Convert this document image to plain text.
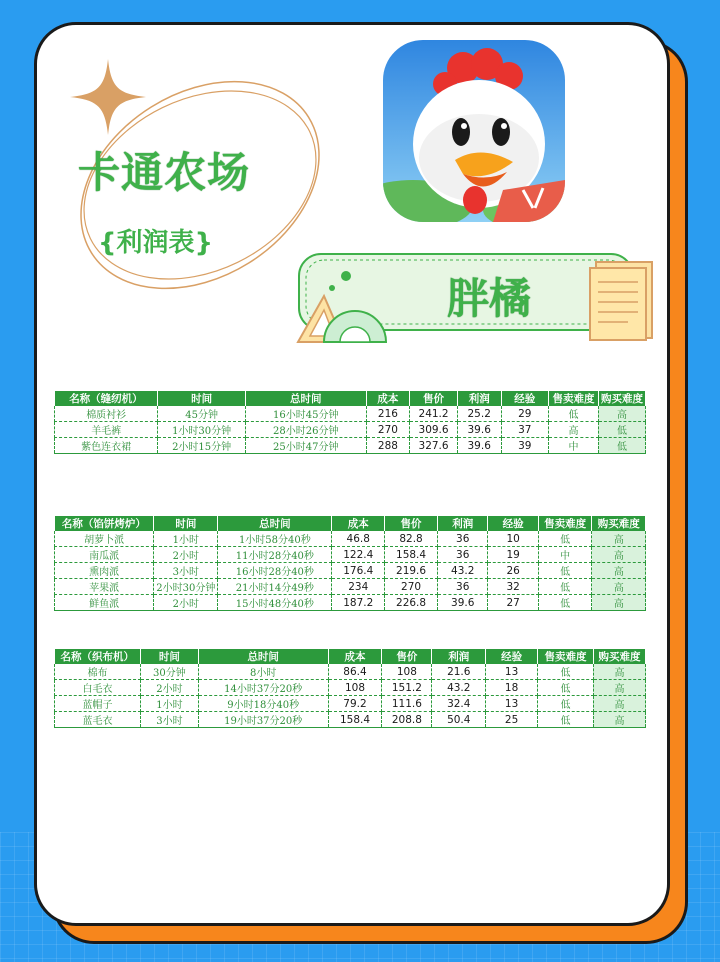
卡通农场
{利润表}
胖橘
名称（缝纫机）	时间	总时间	成本	售价	利润	经验	售卖难度	购买难度
棉质衬衫	45分钟	16小时45分钟	216	241.2	25.2	29	低	高
羊毛裤	1小时30分钟	28小时26分钟	270	309.6	39.6	37	高	低
紫色连衣裙	2小时15分钟	25小时47分钟	288	327.6	39.6	39	中	低
名称（馅饼烤炉）	时间	总时间	成本	售价	利润	经验	售卖难度	购买难度
胡萝卜派	1小时	1小时58分40秒	46.8	82.8	36	10	低	高
南瓜派	2小时	11小时28分40秒	122.4	158.4	36	19	中	高
熏肉派	3小时	16小时28分40秒	176.4	219.6	43.2	26	低	高
苹果派	2小时30分钟	21小时14分49秒	234	270	36	32	低	高
鲜鱼派	2小时	15小时48分40秒	187.2	226.8	39.6	27	低	高
名称（织布机）	时间	总时间	成本	售价	利润	经验	售卖难度	购买难度
棉布	30分钟	8小时	86.4	108	21.6	13	低	高
白毛衣	2小时	14小时37分20秒	108	151.2	43.2	18	低	高
蓝帽子	1小时	9小时18分40秒	79.2	111.6	32.4	13	低	高
蓝毛衣	3小时	19小时37分20秒	158.4	208.8	50.4	25	低	高
